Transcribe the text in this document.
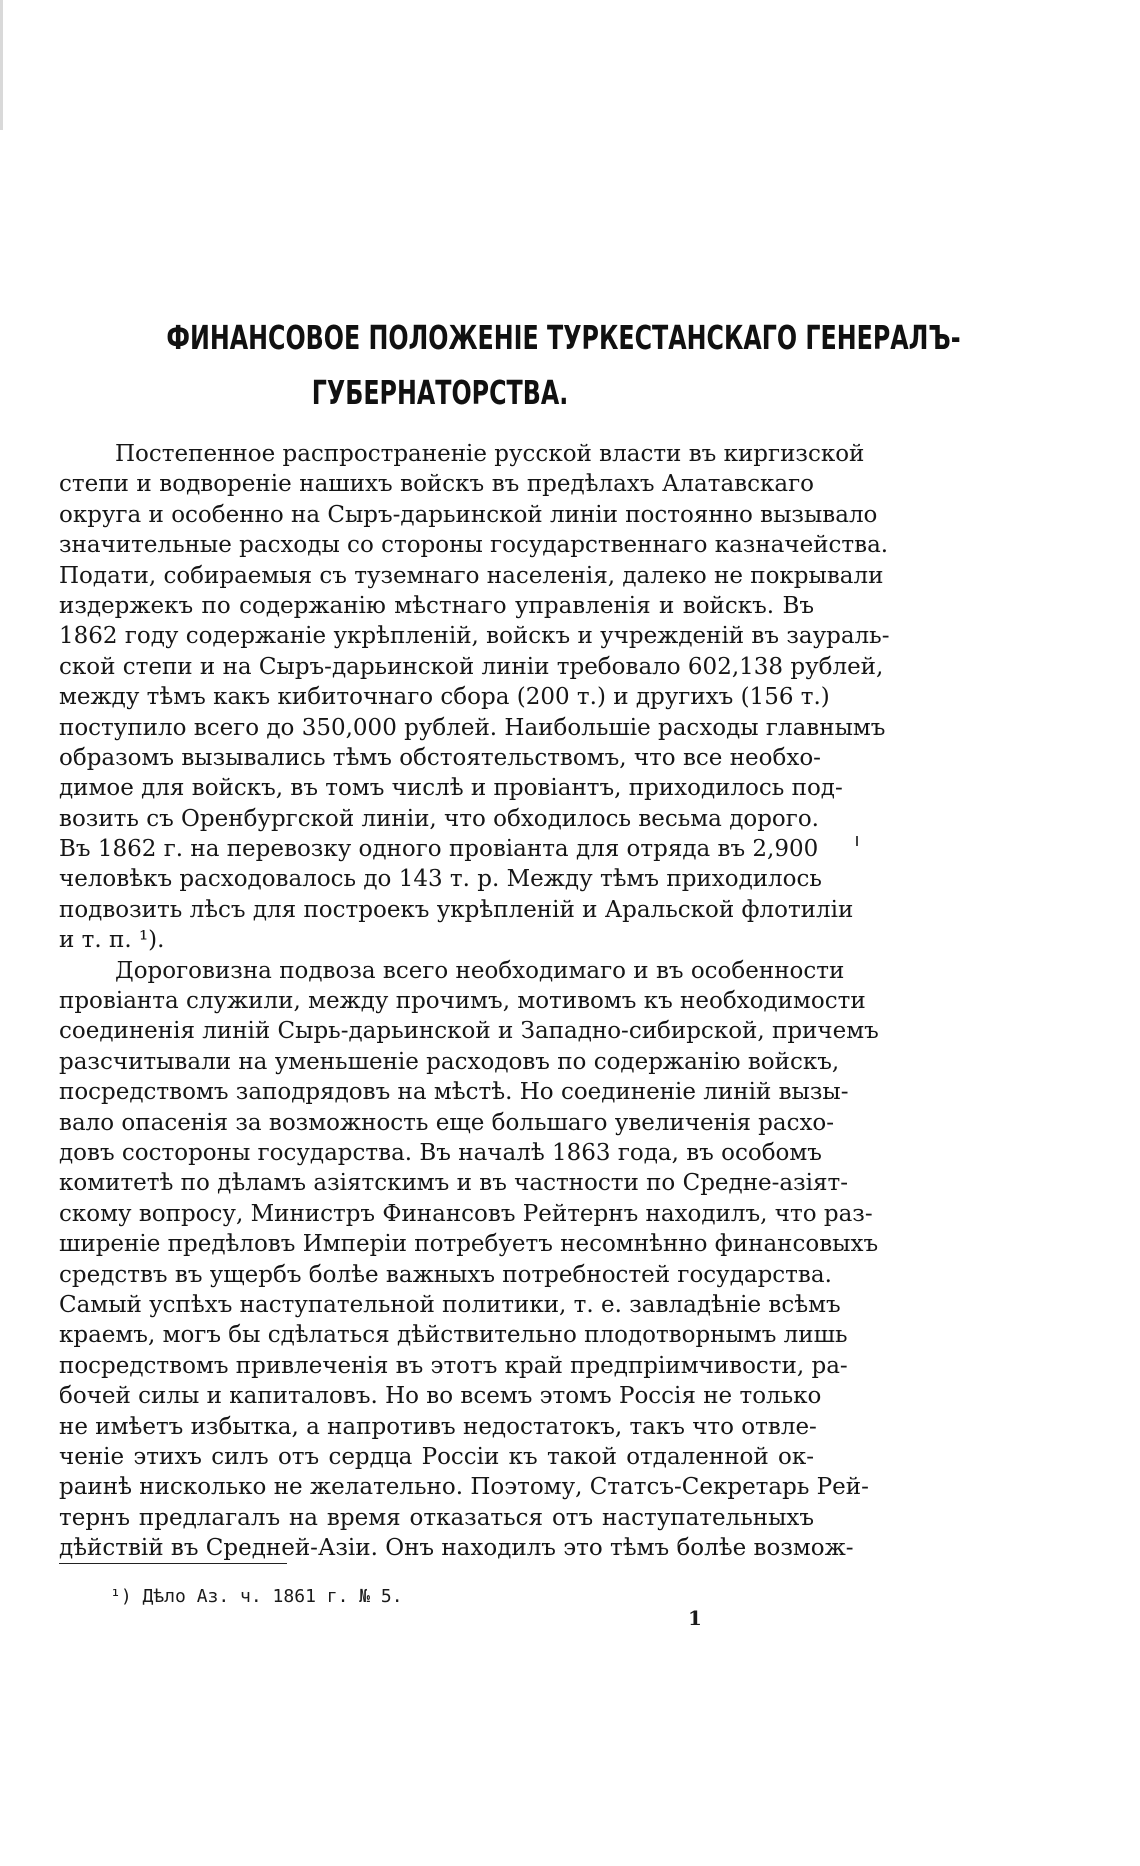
ФИНАНСОВОЕ ПОЛОЖЕНІЕ ТУРКЕСТАНСКАГО ГЕНЕРАЛЪ-
ГУБЕРНАТОРСТВА.
Постепенное распространеніе русской власти въ киргизской
степи и водвореніе нашихъ войскъ въ предѣлахъ Алатавскаго
округа и особенно на Сыръ-дарьинской линіи постоянно вызывало
значительные расходы со стороны государственнаго казначейства.
Подати, собираемыя съ туземнаго населенія, далеко не покрывали
издержекъ по содержанію мѣстнаго управленія и войскъ. Въ
1862 году содержаніе укрѣпленій, войскъ и учрежденій въ заураль-
ской степи и на Сыръ-дарьинской линіи требовало 602,138 рублей,
между тѣмъ какъ кибиточнаго сбора (200 т.) и другихъ (156 т.)
поступило всего до 350,000 рублей. Наибольшіе расходы главнымъ
образомъ вызывались тѣмъ обстоятельствомъ, что все необхо-
димое для войскъ, въ томъ числѣ и провіантъ, приходилось под-
возить съ Оренбургской линіи, что обходилось весьма дорого.
Въ 1862 г. на перевозку одного провіанта для отряда въ 2,900
человѣкъ расходовалось до 143 т. р. Между тѣмъ приходилось
подвозить лѣсъ для построекъ укрѣпленій и Аральской флотиліи
и т. п. ¹).
Дороговизна подвоза всего необходимаго и въ особенности
провіанта служили, между прочимъ, мотивомъ къ необходимости
соединенія линій Сырь-дарьинской и Западно-сибирской, причемъ
разсчитывали на уменьшеніе расходовъ по содержанію войскъ,
посредствомъ заподрядовъ на мѣстѣ. Но соединеніе линій вызы-
вало опасенія за возможность еще большаго увеличенія расхо-
довъ состороны государства. Въ началѣ 1863 года, въ особомъ
комитетѣ по дѣламъ азіятскимъ и въ частности по Средне-азіят-
скому вопросу, Министръ Финансовъ Рейтернъ находилъ, что раз-
ширеніе предѣловъ Имперіи потребуетъ несомнѣнно финансовыхъ
средствъ въ ущербъ болѣе важныхъ потребностей государства.
Самый успѣхъ наступательной политики, т. е. завладѣніе всѣмъ
краемъ, могъ бы сдѣлаться дѣйствительно плодотворнымъ лишь
посредствомъ привлеченія въ этотъ край предпріимчивости, ра-
бочей силы и капиталовъ. Но во всемъ этомъ Россія не только
не имѣетъ избытка, а напротивъ недостатокъ, такъ что отвле-
ченіе этихъ силъ отъ сердца Россіи къ такой отдаленной ок-
раинѣ нисколько не желательно. Поэтому, Статсъ-Секретарь Рей-
тернъ предлагалъ на время отказаться отъ наступательныхъ
дѣйствій въ Средней-Азіи. Онъ находилъ это тѣмъ болѣе возмож-
¹) Дѣло Аз. ч. 1861 г. № 5.
1
